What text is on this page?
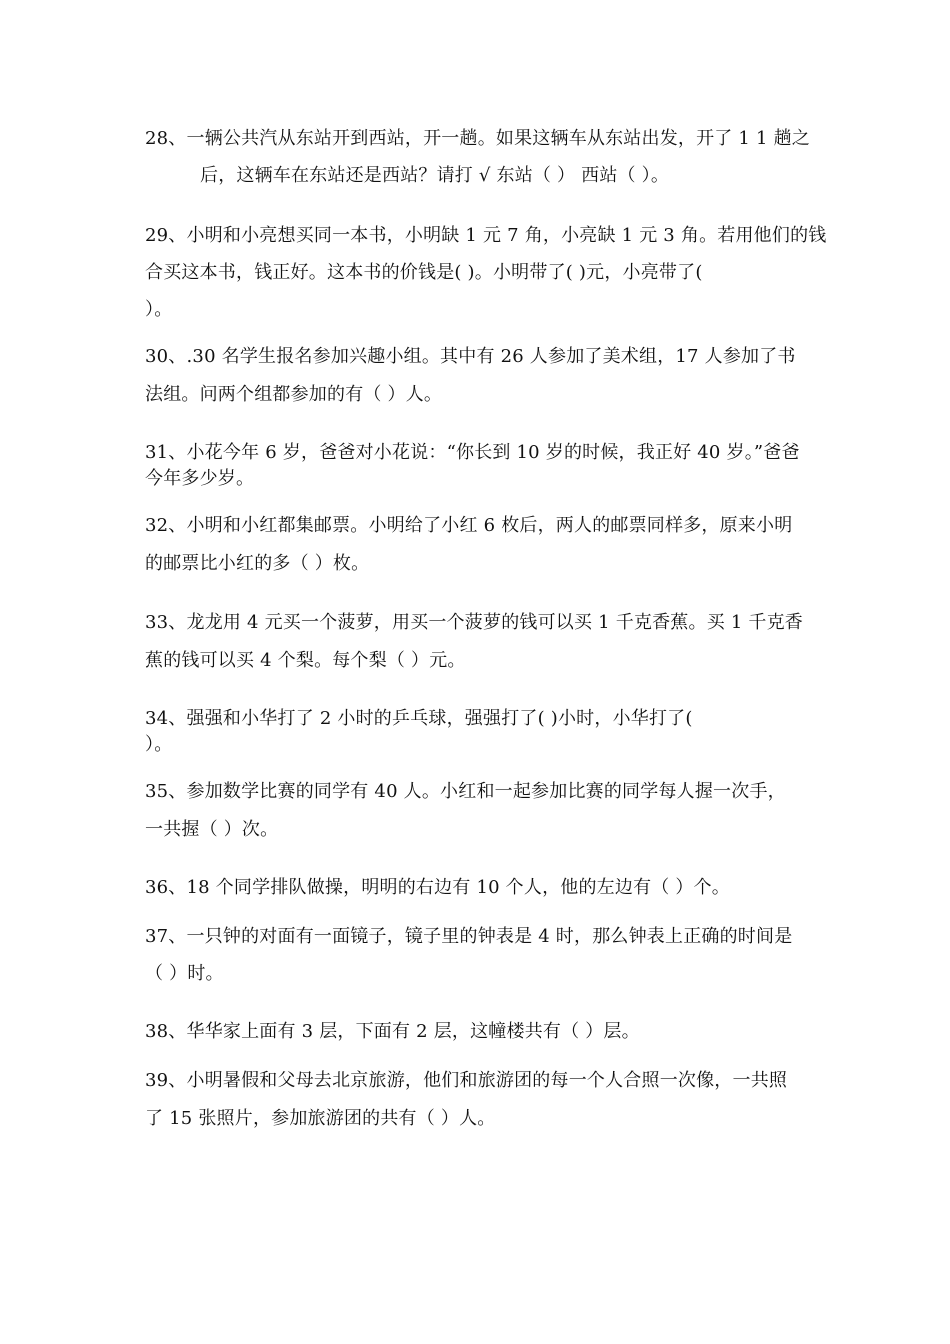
28、一辆公共汽从东站开到西站，开一趟。如果这辆车从东站出发，开了 1 1 趟之
后，这辆车在东站还是西站？请打 √ 东站（ ） 西站（ ）。
29、小明和小亮想买同一本书，小明缺 1 元 7 角，小亮缺 1 元 3 角。若用他们的钱
合买这本书，钱正好。这本书的价钱是( )。小明带了( )元，小亮带了(
）。
30、.30 名学生报名参加兴趣小组。其中有 26 人参加了美术组，17 人参加了书
法组。问两个组都参加的有（ ）人。
31、小花今年 6 岁，爸爸对小花说：“你长到 10 岁的时候，我正好 40 岁。”爸爸
今年多少岁。
32、小明和小红都集邮票。小明给了小红 6 枚后，两人的邮票同样多，原来小明
的邮票比小红的多（ ）枚。
33、龙龙用 4 元买一个菠萝，用买一个菠萝的钱可以买 1 千克香蕉。买 1 千克香
蕉的钱可以买 4 个梨。每个梨（ ）元。
34、强强和小华打了 2 小时的乒乓球，强强打了( )小时，小华打了(
）。
35、参加数学比赛的同学有 40 人。小红和一起参加比赛的同学每人握一次手，
一共握（ ）次。
36、18 个同学排队做操，明明的右边有 10 个人，他的左边有（ ）个。
37、一只钟的对面有一面镜子，镜子里的钟表是 4 时，那么钟表上正确的时间是
（ ）时。
38、华华家上面有 3 层，下面有 2 层，这幢楼共有（ ）层。
39、小明暑假和父母去北京旅游，他们和旅游团的每一个人合照一次像，一共照
了 15 张照片，参加旅游团的共有（ ）人。
